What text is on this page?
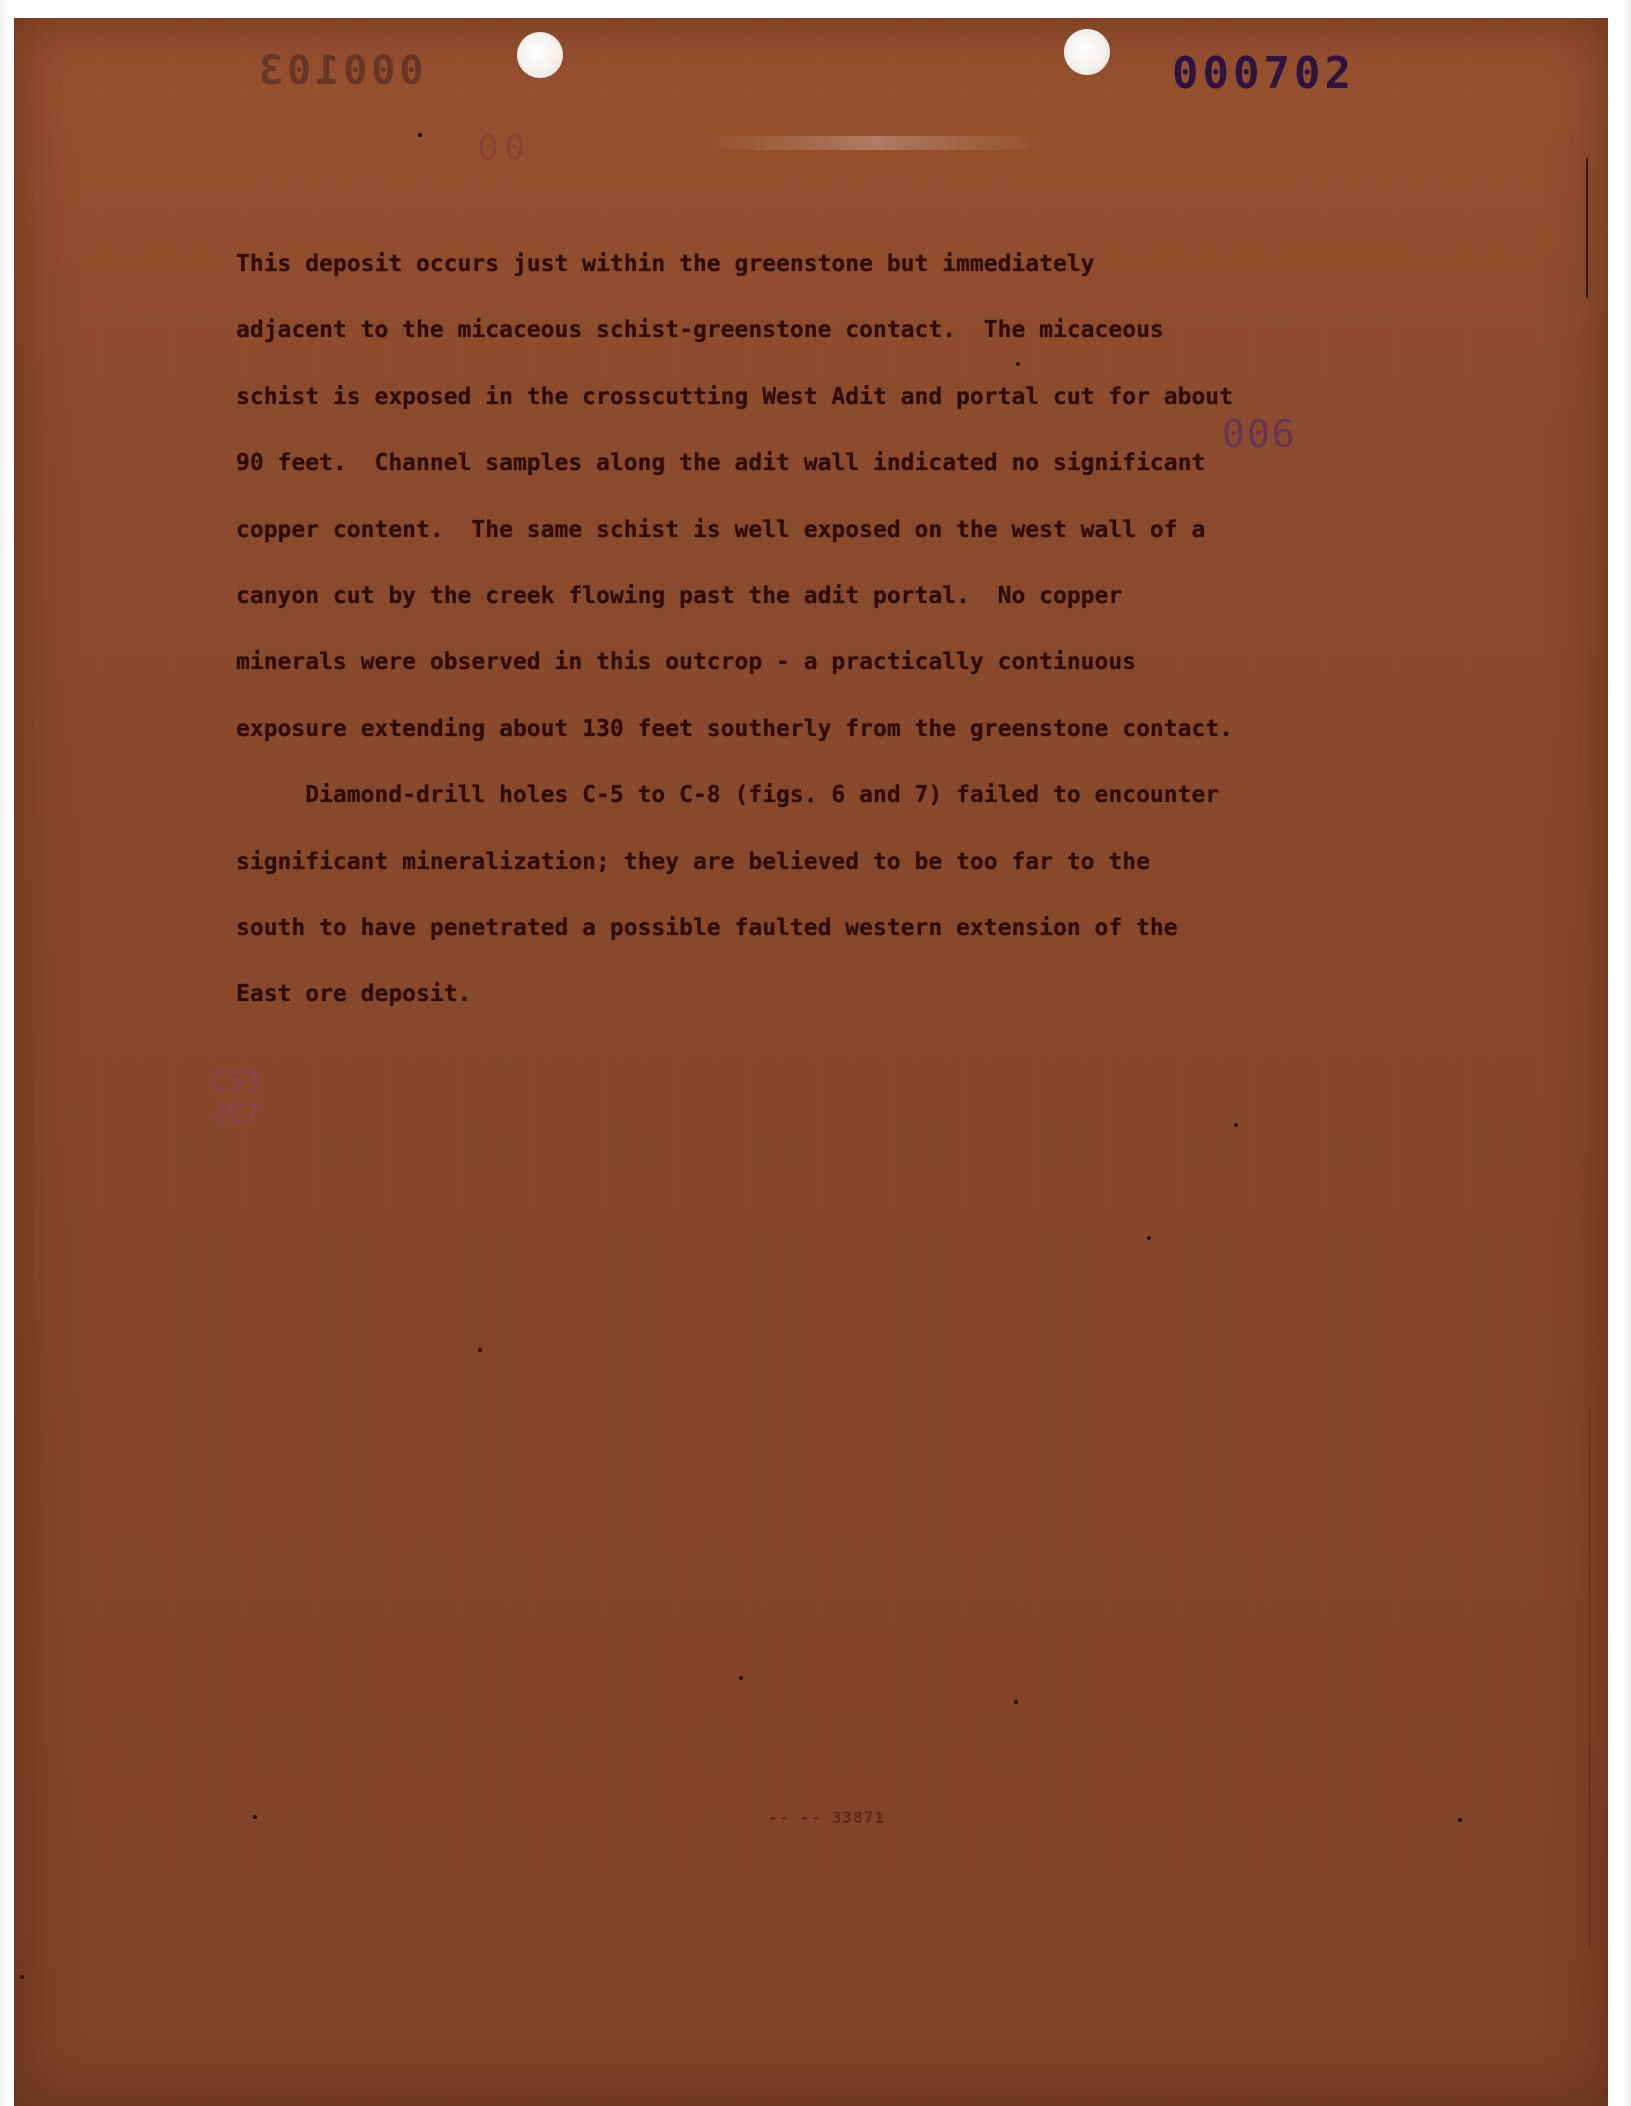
000103	000702
00
006
This deposit occurs just within the greenstone but immediately
adjacent to the micaceous schist-greenstone contact.  The micaceous
schist is exposed in the crosscutting West Adit and portal cut for about
90 feet.  Channel samples along the adit wall indicated no significant
copper content.  The same schist is well exposed on the west wall of a
canyon cut by the creek flowing past the adit portal.  No copper
minerals were observed in this outcrop - a practically continuous
exposure extending about 130 feet southerly from the greenstone contact.
Diamond-drill holes C-5 to C-8 (figs. 6 and 7) failed to encounter
significant mineralization; they are believed to be too far to the
south to have penetrated a possible faulted western extension of the
East ore deposit.
C53 4E7
-- -- 33871
